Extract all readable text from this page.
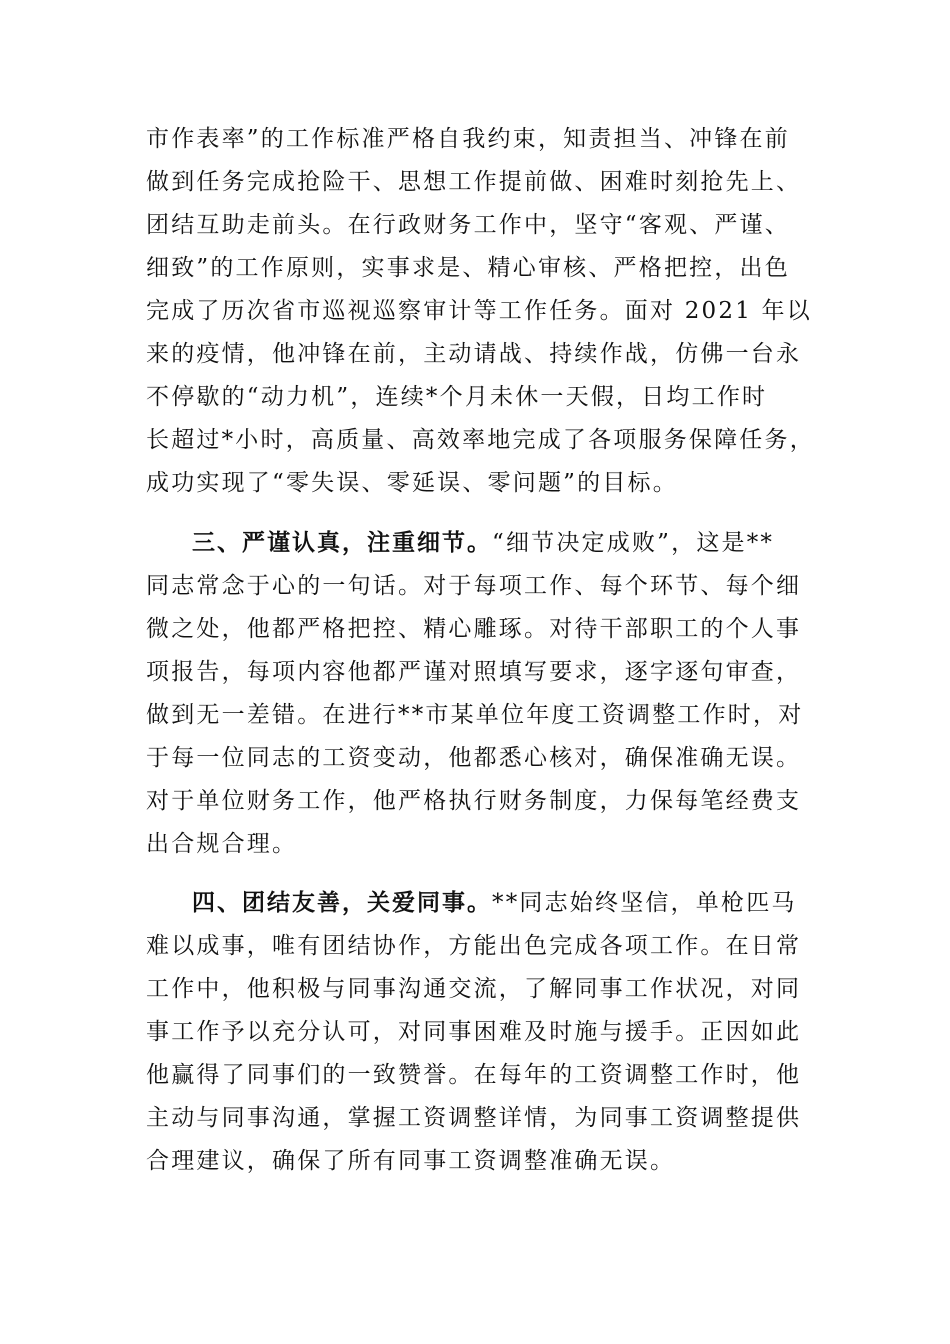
市作表率”的工作标准严格自我约束，知责担当、冲锋在前
做到任务完成抢险干、思想工作提前做、困难时刻抢先上、
团结互助走前头。在行政财务工作中，坚守“客观、严谨、
细致”的工作原则，实事求是、精心审核、严格把控，出色
完成了历次省市巡视巡察审计等工作任务。面对 2021 年以
来的疫情，他冲锋在前，主动请战、持续作战，仿佛一台永
不停歇的“动力机”，连续*个月未休一天假，日均工作时
长超过*小时，高质量、高效率地完成了各项服务保障任务，
成功实现了“零失误、零延误、零问题”的目标。
三、严谨认真，注重细节。“细节决定成败”，这是**
同志常念于心的一句话。对于每项工作、每个环节、每个细
微之处，他都严格把控、精心雕琢。对待干部职工的个人事
项报告，每项内容他都严谨对照填写要求，逐字逐句审查，
做到无一差错。在进行**市某单位年度工资调整工作时，对
于每一位同志的工资变动，他都悉心核对，确保准确无误。
对于单位财务工作，他严格执行财务制度，力保每笔经费支
出合规合理。
四、团结友善，关爱同事。**同志始终坚信，单枪匹马
难以成事，唯有团结协作，方能出色完成各项工作。在日常
工作中，他积极与同事沟通交流，了解同事工作状况，对同
事工作予以充分认可，对同事困难及时施与援手。正因如此
他赢得了同事们的一致赞誉。在每年的工资调整工作时，他
主动与同事沟通，掌握工资调整详情，为同事工资调整提供
合理建议，确保了所有同事工资调整准确无误。
